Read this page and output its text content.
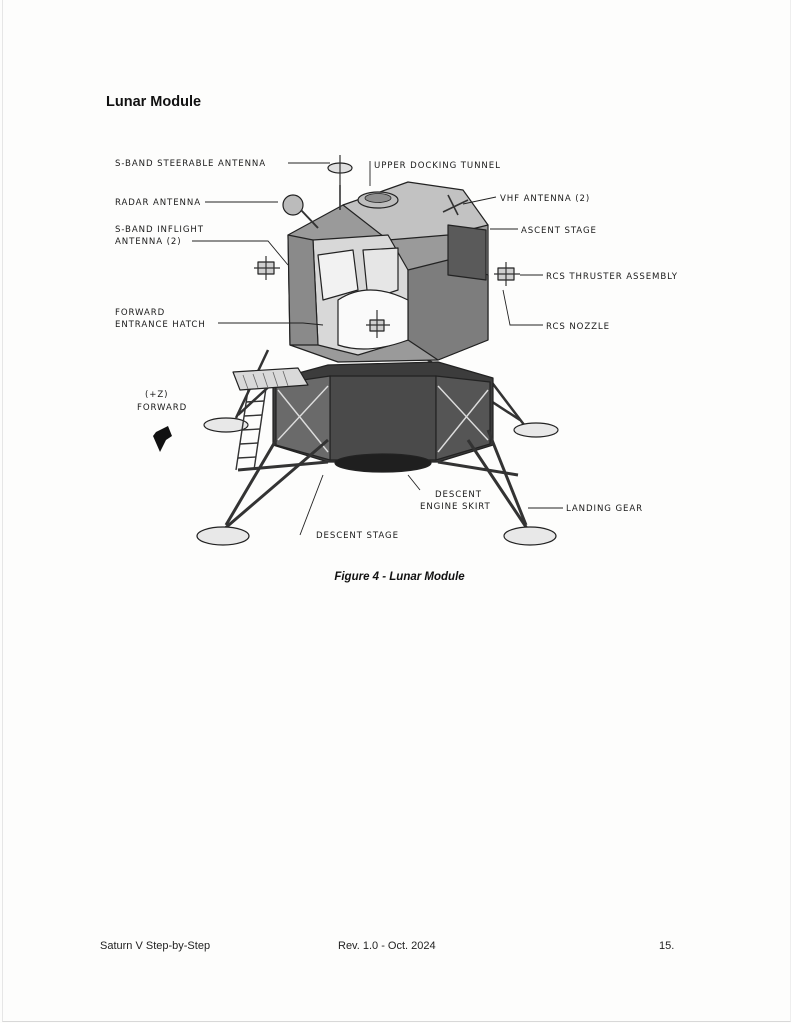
Lunar Module
S-BAND STEERABLE ANTENNA	UPPER DOCKING TUNNEL
RADAR ANTENNA	VHF ANTENNA (2)
S-BAND INFLIGHT
ANTENNA (2)
ASCENT STAGE
RCS THRUSTER ASSEMBLY
FORWARD
ENTRANCE HATCH	RCS NOZZLE
(+Z)
FORWARD
DESCENT
ENGINE SKIRT	LANDING GEAR
DESCENT STAGE
Figure 4 - Lunar Module
Saturn V Step-by-Step	Rev. 1.0 - Oct. 2024	15.
